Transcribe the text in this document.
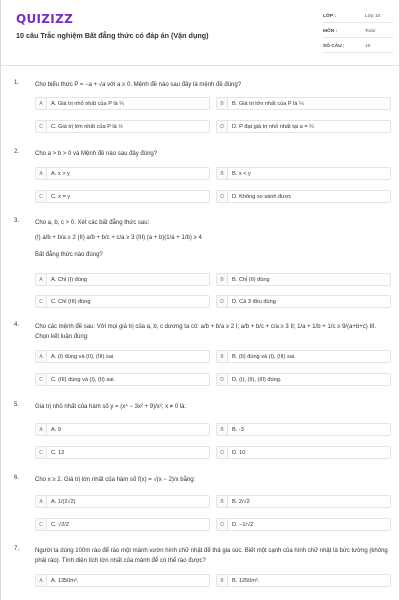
QUIZIZZ
10 câu Trắc nghiệm Bất đẳng thức có đáp án (Vận dụng)
LỚP :	Lớp 10
MÔN :	Toán
SỐ CÂU :	10
1.	Cho biểu thức P = −a + √a với a ≥ 0. Mệnh đề nào sau đây là mệnh đề đúng?
A	A. Giá trị nhỏ nhất của P là ¼	B	B. Giá trị lớn nhất của P là ¼
C	C. Giá trị lớn nhất của P là ½	D	D. P đạt giá trị nhỏ nhất tại a = ¼
2.	Cho a > b > 0 và Mệnh đề nào sau đây đúng?
A	A. x > y	B	B. x < y
C	C. x = y	D	D. Không so sánh được
3.	Cho a, b, c > 0. Xét các bất đẳng thức sau:
(I) a/b + b/a ≥ 2 (II) a/b + b/c + c/a ≥ 3 (III) (a + b)(1/a + 1/b) ≥ 4
Bất đẳng thức nào đúng?
A	A. Chỉ (I) đúng	B	B. Chỉ (II) đúng
C	C. Chỉ (III) đúng	D	D. Cả 3 đều đúng
4.	Cho các mệnh đề sau: Với mọi giá trị của a, b, c dương ta có: a/b + b/a ≥ 2 I; a/b + b/c + c/a ≥ 3 II; 1/a + 1/b + 1/c ≥ 9/(a+b+c) III. Chọn kết luận đúng:
A	A. (I) đúng và (II), (III) sai.	B	B. (II) đúng và (I), (III) sai.
C	C. (III) đúng và (I), (II) sai.	D	D. (I), (II), (III) đúng.
5.	Giá trị nhỏ nhất của hàm số y = (x⁴ − 3x² + 9)/x²; x ≠ 0 là:
A	A. 9	B	B. -3
C	C. 12	D	D. 10
6.	Cho x ≥ 2. Giá trị lớn nhất của hàm số f(x) = √(x − 2)/x bằng:
A	A. 1/(2√2)	B	B. 2/√2
C	C. √2/2	D	D. −1/√2
7.	Người ta dùng 100m rào để rào một mảnh vườn hình chữ nhật để thả gia súc. Biết một cạnh của hình chữ nhật là bức tường (không phải rào). Tính diện tích lớn nhất của mảnh để có thể rào được?
A	A. 1350m².	B	B. 1250m².
